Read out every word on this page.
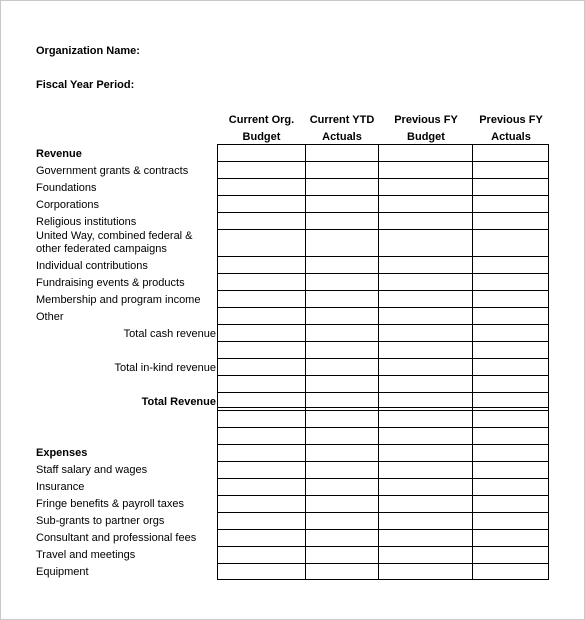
Organization Name:
Fiscal Year Period:
Current Org.
Budget
Current YTD
Actuals
Previous FY
Budget
Previous FY
Actuals
Revenue
Government grants & contracts
Foundations
Corporations
Religious institutions
United Way, combined federal &
other federated campaigns
Individual contributions
Fundraising events & products
Membership and program income
Other
Total cash revenue
Total in-kind revenue
Total Revenue
Expenses
Staff salary and wages
Insurance
Fringe benefits & payroll taxes
Sub-grants to partner orgs
Consultant and professional fees
Travel and meetings
Equipment
